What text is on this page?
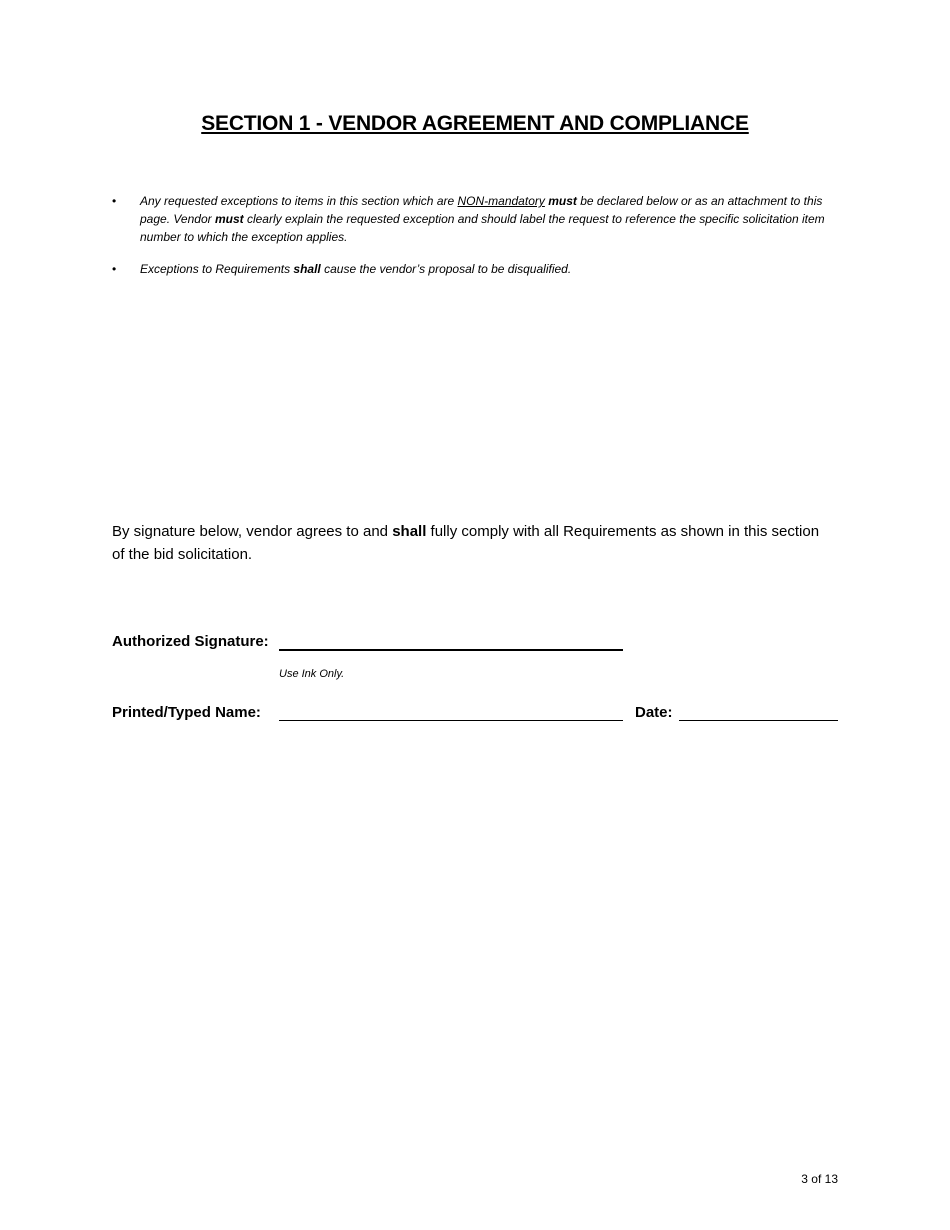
SECTION 1 - VENDOR AGREEMENT AND COMPLIANCE
• Any requested exceptions to items in this section which are NON-mandatory must be declared below or as an attachment to this page. Vendor must clearly explain the requested exception and should label the request to reference the specific solicitation item number to which the exception applies.
• Exceptions to Requirements shall cause the vendor’s proposal to be disqualified.
By signature below, vendor agrees to and shall fully comply with all Requirements as shown in this section of the bid solicitation.
Authorized Signature:
Use Ink Only.
Printed/Typed Name:	Date:
3 of 13
